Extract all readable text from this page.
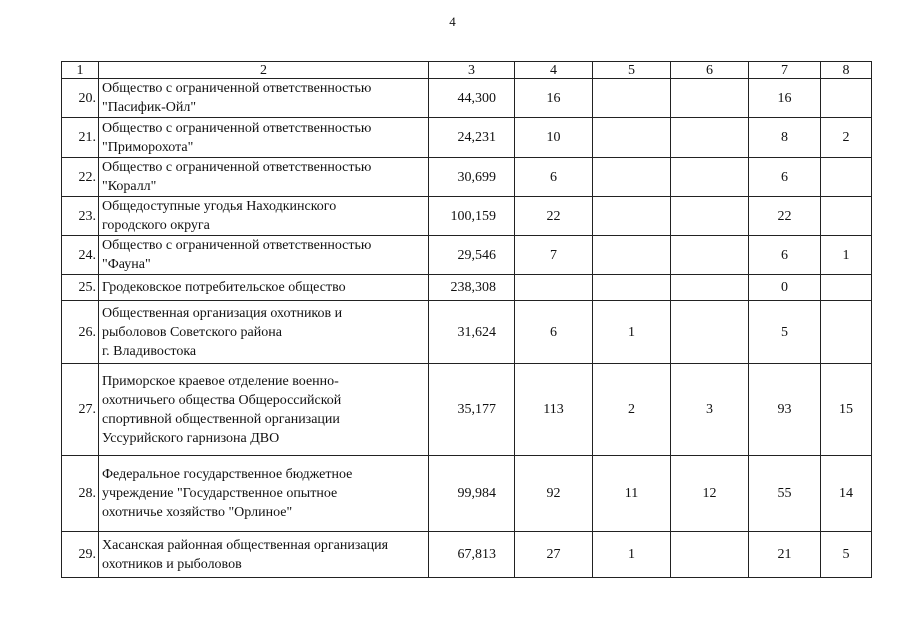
4
1	2	3	4	5	6	7	8
20.	Общество с ограниченной ответственностью
"Пасифик-Ойл"	44,300	16			16	
21.	Общество с ограниченной ответственностью
"Приморохота"	24,231	10			8	2
22.	Общество с ограниченной ответственностью
"Коралл"	30,699	6			6	
23.	Общедоступные угодья Находкинского
городского округа	100,159	22			22	
24.	Общество с ограниченной ответственностью
"Фауна"	29,546	7			6	1
25.	Гродековское потребительское общество	238,308				0	
26.	Общественная организация охотников и
рыболовов Советского района
г. Владивостока	31,624	6	1		5	
27.	Приморское краевое отделение военно-
охотничьего общества Общероссийской
спортивной общественной организации
Уссурийского гарнизона ДВО	35,177	113	2	3	93	15
28.	Федеральное государственное бюджетное
учреждение "Государственное опытное
охотничье хозяйство "Орлиное"	99,984	92	11	12	55	14
29.	Хасанская районная общественная организация
охотников и рыболовов	67,813	27	1		21	5
